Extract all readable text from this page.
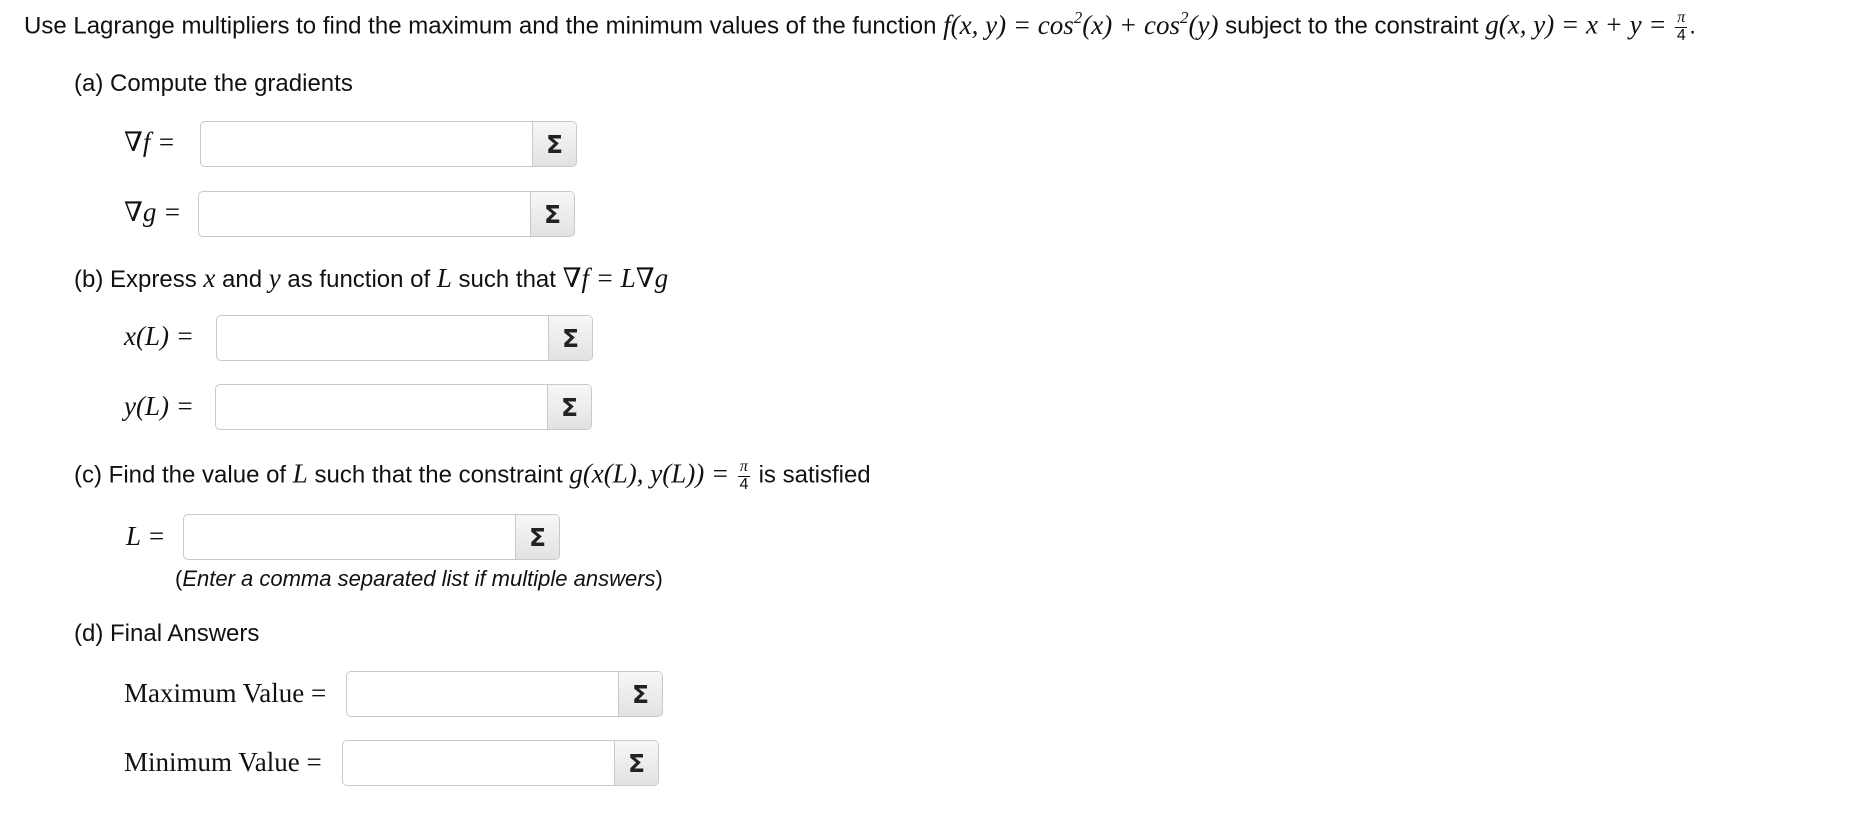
Use Lagrange multipliers to find the maximum and the minimum values of the function f(x, $y) = \cos^2(x) + \cos^2(y)$ subject to the constraint g(x, $y) = x + y = \frac{\pi}{4}$ .
(a) Compute the gradients
∇f =	Σ
∇g =	Σ
(b) Express x and y as function of L such that ∇f = L∇g
x(L) =	Σ
y(L) =	Σ
(c) Find the value of L such that the constraint g(x(L), $y(L)) = \frac{\pi}{4}$ is satisfied
L =	Σ
(Enter a comma separated list if multiple answers)
(d) Final Answers
Maximum Value =	Σ
Minimum Value =	Σ
